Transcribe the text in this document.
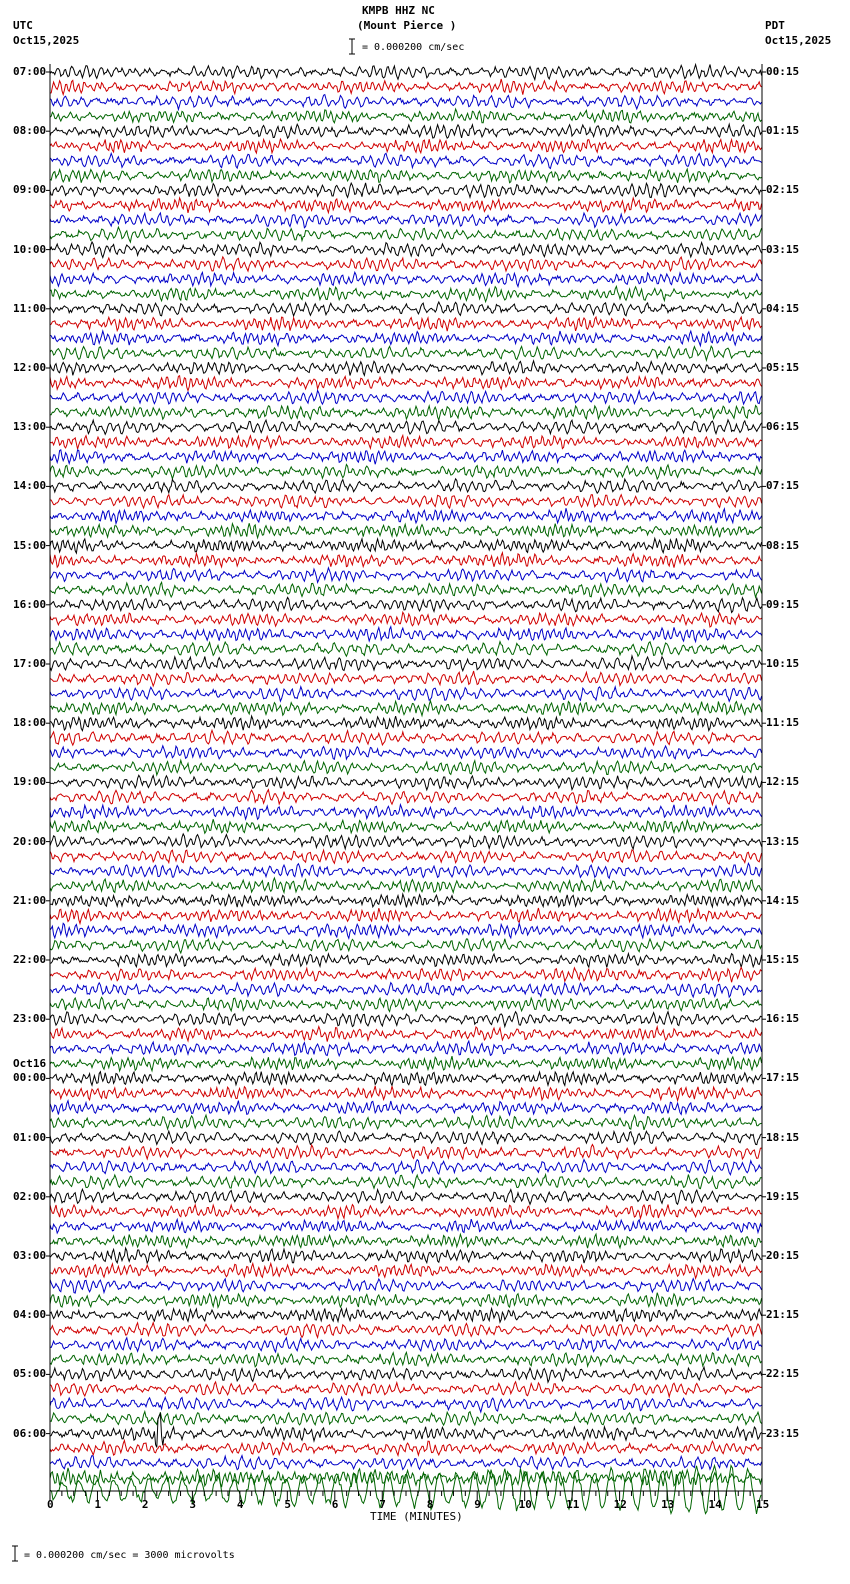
KMPB HHZ NC
(Mount Pierce )
= 0.000200 cm/sec
UTC
Oct15,2025
PDT
Oct15,2025
07:00
08:00
09:00
10:00
11:00
12:00
13:00
14:00
15:00
16:00
17:00
18:00
19:00
20:00
21:00
22:00
23:00
00:00
01:00
02:00
03:00
04:00
05:00
06:00
00:15
01:15
02:15
03:15
04:15
05:15
06:15
07:15
08:15
09:15
10:15
11:15
12:15
13:15
14:15
15:15
16:15
17:15
18:15
19:15
20:15
21:15
22:15
23:15
Oct16
0	1	2	3	4	5	6	7	8	9	10	11	12	13	14	15
TIME (MINUTES)
= 0.000200 cm/sec = 3000 microvolts
